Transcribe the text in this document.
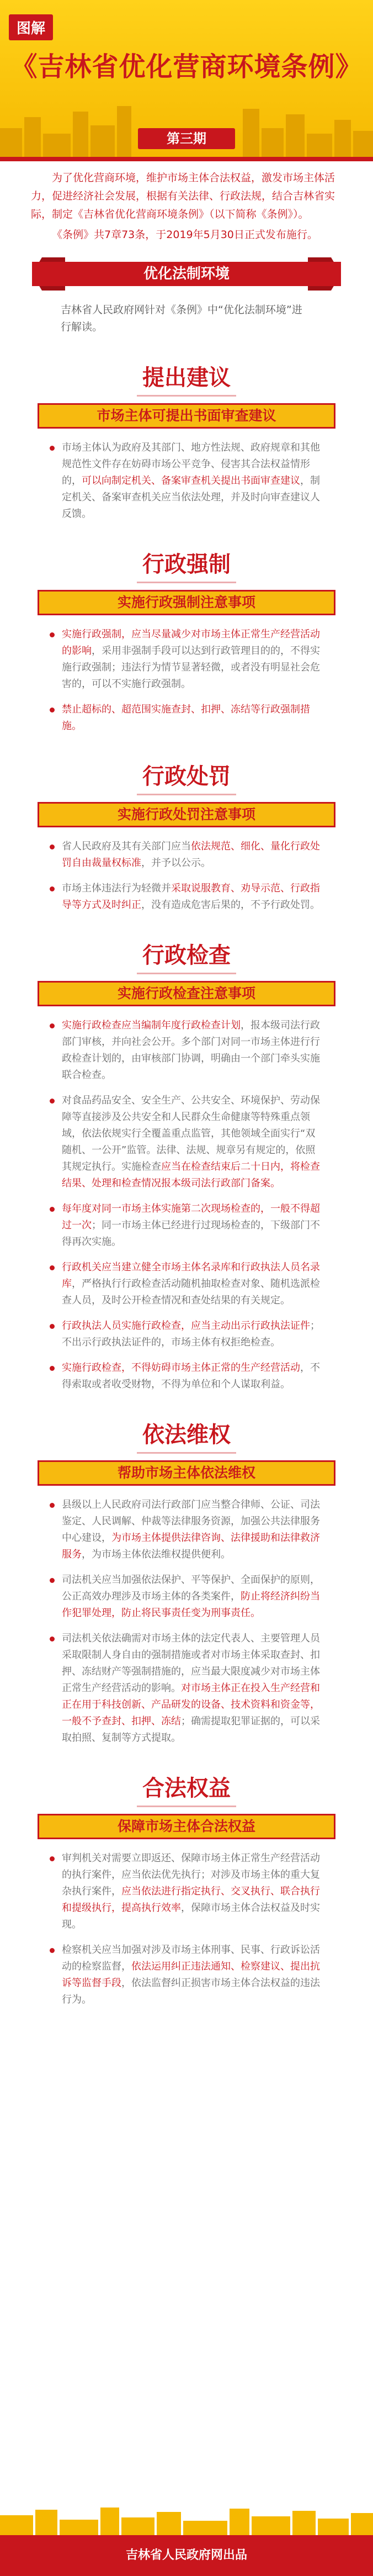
图解
《吉林省优化营商环境条例》
第三期

为了优化营商环境，维护市场主体合法权益，激发市场主体活力，促进经济社会发展，根据有关法律、行政法规，结合吉林省实际，制定《吉林省优化营商环境条例》（以下简称《条例》）。

《条例》共7章73条，于2019年5月30日正式发布施行。

优化法制环境
吉林省人民政府网针对《条例》中“优化法制环境”进行解读。
提出建议
市场主体可提出书面审查建议
市场主体认为政府及其部门、地方性法规、政府规章和其他规范性文件存在妨碍市场公平竞争、侵害其合法权益情形的，可以向制定机关、备案审查机关提出书面审查建议，制定机关、备案审查机关应当依法处理，并及时向审查建议人反馈。
行政强制
实施行政强制注意事项
实施行政强制，应当尽量减少对市场主体正常生产经营活动的影响，采用非强制手段可以达到行政管理目的的，不得实施行政强制；违法行为情节显著轻微，或者没有明显社会危害的，可以不实施行政强制。
禁止超标的、超范围实施查封、扣押、冻结等行政强制措施。
行政处罚
实施行政处罚注意事项
省人民政府及其有关部门应当依法规范、细化、量化行政处罚自由裁量权标准，并予以公示。
市场主体违法行为轻微并采取说服教育、劝导示范、行政指导等方式及时纠正，没有造成危害后果的，不予行政处罚。
行政检查
实施行政检查注意事项
实施行政检查应当编制年度行政检查计划，报本级司法行政部门审核，并向社会公开。多个部门对同一市场主体进行行政检查计划的，由审核部门协调，明确由一个部门牵头实施联合检查。
对食品药品安全、安全生产、公共安全、环境保护、劳动保障等直接涉及公共安全和人民群众生命健康等特殊重点领域，依法依规实行全覆盖重点监管，其他领域全面实行“双随机、一公开”监管。法律、法规、规章另有规定的，依照其规定执行。实施检查应当在检查结束后二十日内，将检查结果、处理和检查情况报本级司法行政部门备案。
每年度对同一市场主体实施第二次现场检查的，一般不得超过一次；同一市场主体已经进行过现场检查的，下级部门不得再次实施。
行政机关应当建立健全市场主体名录库和行政执法人员名录库，严格执行行政检查活动随机抽取检查对象、随机选派检查人员，及时公开检查情况和查处结果的有关规定。
行政执法人员实施行政检查，应当主动出示行政执法证件；不出示行政执法证件的，市场主体有权拒绝检查。
实施行政检查，不得妨碍市场主体正常的生产经营活动，不得索取或者收受财物，不得为单位和个人谋取利益。
依法维权
帮助市场主体依法维权
县级以上人民政府司法行政部门应当整合律师、公证、司法鉴定、人民调解、仲裁等法律服务资源，加强公共法律服务中心建设，为市场主体提供法律咨询、法律援助和法律救济服务，为市场主体依法维权提供便利。
司法机关应当加强依法保护、平等保护、全面保护的原则，公正高效办理涉及市场主体的各类案件，防止将经济纠纷当作犯罪处理，防止将民事责任变为刑事责任。
司法机关依法确需对市场主体的法定代表人、主要管理人员采取限制人身自由的强制措施或者对市场主体采取查封、扣押、冻结财产等强制措施的，应当最大限度减少对市场主体正常生产经营活动的影响。对市场主体正在投入生产经营和正在用于科技创新、产品研发的设备、技术资料和资金等，一般不予查封、扣押、冻结；确需提取犯罪证据的，可以采取拍照、复制等方式提取。
合法权益
保障市场主体合法权益
审判机关对需要立即返还、保障市场主体正常生产经营活动的执行案件，应当依法优先执行；对涉及市场主体的重大复杂执行案件，应当依法进行指定执行、交叉执行、联合执行和提级执行，提高执行效率，保障市场主体合法权益及时实现。
检察机关应当加强对涉及市场主体刑事、民事、行政诉讼活动的检察监督，依法运用纠正违法通知、检察建议、提出抗诉等监督手段，依法监督纠正损害市场主体合法权益的违法行为。
吉林省人民政府网出品
